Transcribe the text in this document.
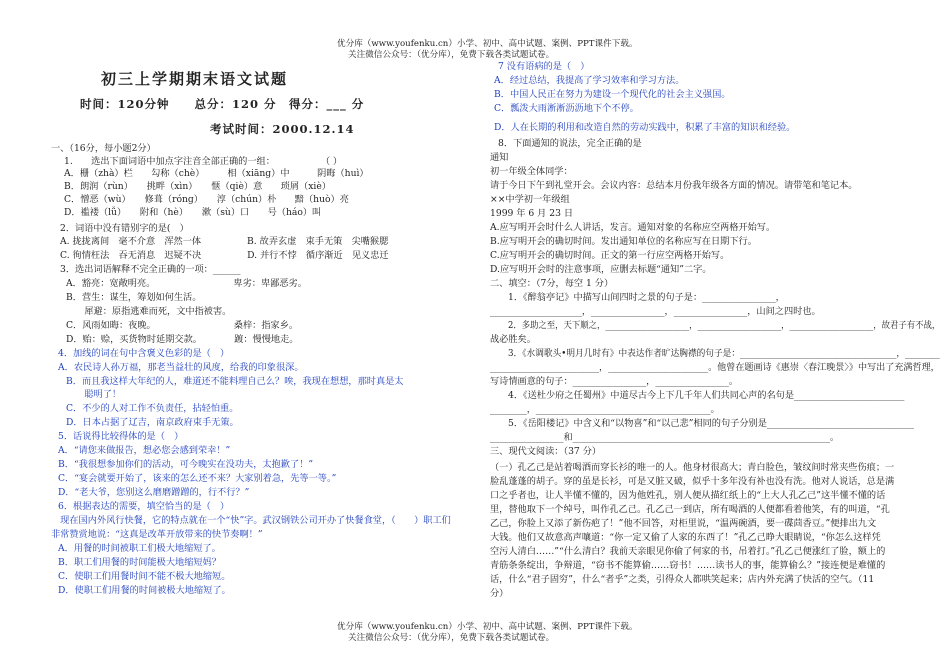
优分库（www.youfenku.cn）小学、初中、高中试题、案例、PPT课件下载。
关注微信公众号：（优分库），免费下载各类试题试卷。
初三上学期期末语文试题
时间：120分钟　　总分：120 分　得分：___ 分
考试时间：2000.12.14
一、（16分，每小题2分）
1.　　选出下面词语中加点字注音全部正确的一组：　　　　　　（ ）
A．栅（zhà）栏　　勾称（chè）　　　相（xiāng）中　　　阴晦（huì）
B．朗润（rùn）　　挑畔（xìn）　　惬（qiè）意　　琐屑（xiè）
C．憎恶（wù）　　修葺（róng）　　淳（chún）朴　　黯（huò）亮
D．褴褛（lǚ）　　附和（hè）　　漱（sù）口　　号（háo）叫
2．词语中没有错别字的是(　）
A. 拢拢离间　毫不介意　浑然一体　　　　　B. 故弄玄虚　束手无策　尖嘴猴腮
C. 徇情枉法　吞无消息　迟疑不决　　　　　D. 并行不悖　循序渐近　见义忠迁
3．选出词语解释不完全正确的一项：______
A．豁亮：宽敞明亮。　　　　　　　　　卑劣：卑鄙恶劣。
B．营生：谋生，筹划如何生活。
　　犀避：原指逃难而死，文中指被害。
C．风雨如晦：夜晚。　　　　　　　　　桑梓：指家乡。
D．贻：赊，买货物时延期交款。　　　　踱：慢慢地走。
4．加线的词在句中含褒义色彩的是（　）
A．农民诗人孙万福，那老当益壮的风度，给我的印象很深。
B．而且我这样大年纪的人，难道还不能料理自己么？唉，我现在想想，那时真是太
　　聪明了！
C．不少的人对工作不负责任，拈轻怕重。
D．日本占据了辽吉，南京政府束手无策。
5．话说得比较得体的是（　）
A．“请您来做报告，想必您会感到荣幸！”
B．“我很想参加你们的活动，可今晚实在没功夫，太抱歉了！”
C．“宴会就要开始了，该来的怎么还不来？大家别着急，先等一等。”
D．“老大爷，您别这么磨磨蹭蹭的，行不行？”
6．根据表达的需要，填空恰当的是（　）
　现在国内外风行快餐，它的特点就在一个“快”字。武汉钢铁公司开办了快餐食堂，（　　）职工们
非常赞赏地说：“这真是改革开放带来的快节奏啊！”
A．用餐的时间被职工们极大地缩短了。
B．职工们用餐的时间能极大地缩短妈？
C．使职工们用餐时间不能不极大地缩短。
D．使职工们用餐的时间被极大地缩短了。
7 没有语病的是（　）
A．经过总结，我提高了学习效率和学习方法。
B．中国人民正在努力为建设一个现代化的社会主义强国。
C．瓢泼大雨淅淅沥沥地下个不停。
D．人在长期的利用和改造自然的劳动实践中，积累了丰富的知识和经验。
8．下面通知的说法，完全正确的是
通知
初一年级全体同学：
请于今日下午到礼堂开会。会议内容：总结本月份我年级各方面的情况。请带笔和笔记本。
××中学初一年级组
1999 年 6 月 23 日
A.应写明开会时什么人讲话，发言。通知对象的名称应空两格开始写。
B.应写明开会的确切时间。发出通知单位的名称应写在日期下行。
C.应写明开会的确切时间。正文的第一行应空两格开始写。
D.应写明开会时的注意事项，应删去标题“通知”二字。
二、填空：（7分，每空 1 分）
1．《醉翁亭记》中描写山间四时之景的句子是：________________，
____________________，________________，________________，山间之四时也。
2．多助之至，天下顺之，____________________，____________________，____________________，故君子有不战，
战必胜矣。
3．《水调歌头•明月几时有》中表达作者旷达胸襟的句子是：____________________________________，________
________________________，______________________。他曾在题画诗《惠崇〈春江晚景〉》中写出了充满哲理，
写诗情画意的句子：________________，________________。
4．《送杜少府之任蜀州》中道尽古今上下几千年人们共同心声的名句是________________________
________，______________________________________。
5．《岳阳楼记》中含义和“以物喜”和“以己悲”相同的句子分别是________________________________
________________和________________________________________________________。
三、现代文阅读：（37 分）
（一）孔乙己是站着喝酒而穿长衫的唯一的人。他身材很高大；青白脸色，皱纹间时常夹些伤痕；一
脸乱蓬蓬的胡子。穿的虽是长衫，可是又脏又破，似乎十多年没有补也没有洗。他对人说话，总是满
口之乎者也，让人半懂不懂的，因为他姓孔，别人便从描红纸上的“上大人孔乙己”这半懂不懂的话
里，替他取下一个绰号，叫作孔乙己。孔乙己一到店，所有喝酒的人便都看着他笑，有的叫道，“孔
乙己，你脸上又添了新伤疤了！”他不回答，对柜里说，“温两碗酒，要一碟茴香豆。”便排出九文
大钱。他们又故意高声嚷道：“你一定又偷了人家的东西了！”孔乙己睁大眼睛说，“你怎么这样凭
空污人清白……”“什么清白？我前天亲眼见你偷了何家的书，吊着打。”孔乙己便涨红了脸，额上的
青筋条条绽出，争辩道，“窃书不能算偷……窃书！……读书人的事，能算偷么？”接连便是难懂的
话，什么“君子固穷”，什么“者乎”之类，引得众人都哄笑起来；店内外充满了快活的空气。（11
分）
优分库（www.youfenku.cn）小学、初中、高中试题、案例、PPT课件下载。
关注微信公众号：（优分库），免费下载各类试题试卷。
